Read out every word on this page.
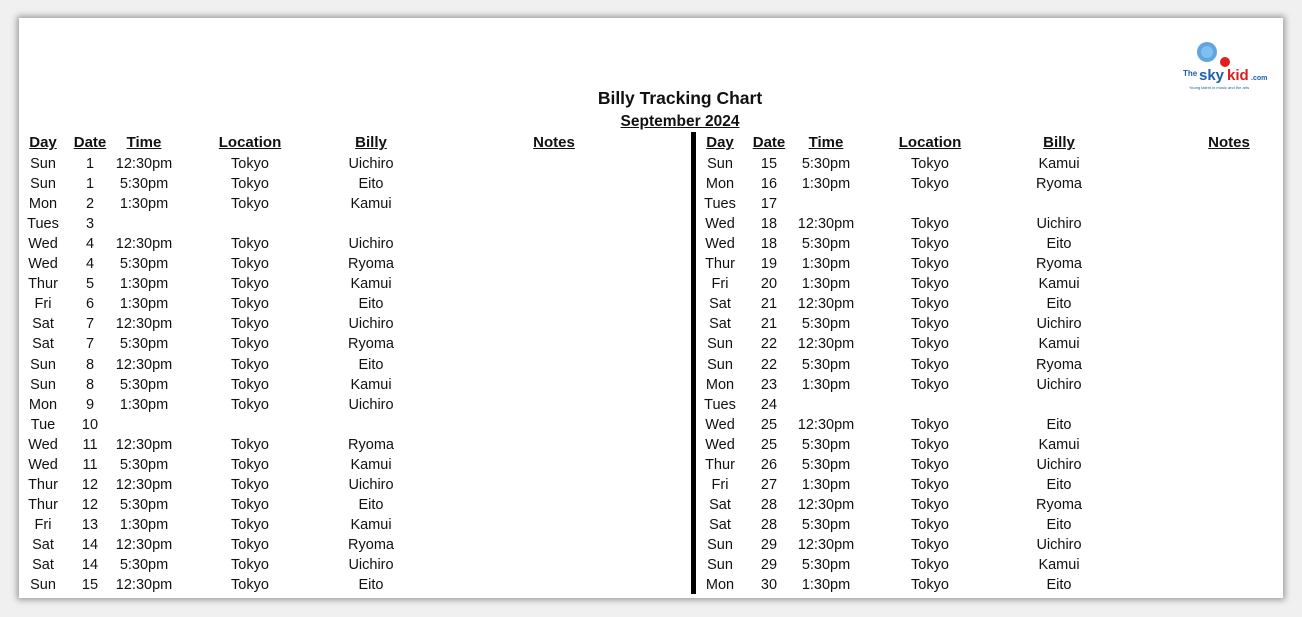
The sky kid .com
Young talent in music and the arts
Billy Tracking Chart
September 2024
Day	Date	Time	Location	Billy	Notes	Day	Date	Time	Location	Billy	Notes
Sun	1	12:30pm	Tokyo	Uichiro
Sun	1	5:30pm	Tokyo	Eito
Mon	2	1:30pm	Tokyo	Kamui
Tues	3
Wed	4	12:30pm	Tokyo	Uichiro
Wed	4	5:30pm	Tokyo	Ryoma
Thur	5	1:30pm	Tokyo	Kamui
Fri	6	1:30pm	Tokyo	Eito
Sat	7	12:30pm	Tokyo	Uichiro
Sat	7	5:30pm	Tokyo	Ryoma
Sun	8	12:30pm	Tokyo	Eito
Sun	8	5:30pm	Tokyo	Kamui
Mon	9	1:30pm	Tokyo	Uichiro
Tue	10
Wed	11	12:30pm	Tokyo	Ryoma
Wed	11	5:30pm	Tokyo	Kamui
Thur	12	12:30pm	Tokyo	Uichiro
Thur	12	5:30pm	Tokyo	Eito
Fri	13	1:30pm	Tokyo	Kamui
Sat	14	12:30pm	Tokyo	Ryoma
Sat	14	5:30pm	Tokyo	Uichiro
Sun	15	12:30pm	Tokyo	Eito
Sun	15	5:30pm	Tokyo	Kamui
Mon	16	1:30pm	Tokyo	Ryoma
Tues	17
Wed	18	12:30pm	Tokyo	Uichiro
Wed	18	5:30pm	Tokyo	Eito
Thur	19	1:30pm	Tokyo	Ryoma
Fri	20	1:30pm	Tokyo	Kamui
Sat	21	12:30pm	Tokyo	Eito
Sat	21	5:30pm	Tokyo	Uichiro
Sun	22	12:30pm	Tokyo	Kamui
Sun	22	5:30pm	Tokyo	Ryoma
Mon	23	1:30pm	Tokyo	Uichiro
Tues	24
Wed	25	12:30pm	Tokyo	Eito
Wed	25	5:30pm	Tokyo	Kamui
Thur	26	5:30pm	Tokyo	Uichiro
Fri	27	1:30pm	Tokyo	Eito
Sat	28	12:30pm	Tokyo	Ryoma
Sat	28	5:30pm	Tokyo	Eito
Sun	29	12:30pm	Tokyo	Uichiro
Sun	29	5:30pm	Tokyo	Kamui
Mon	30	1:30pm	Tokyo	Eito
